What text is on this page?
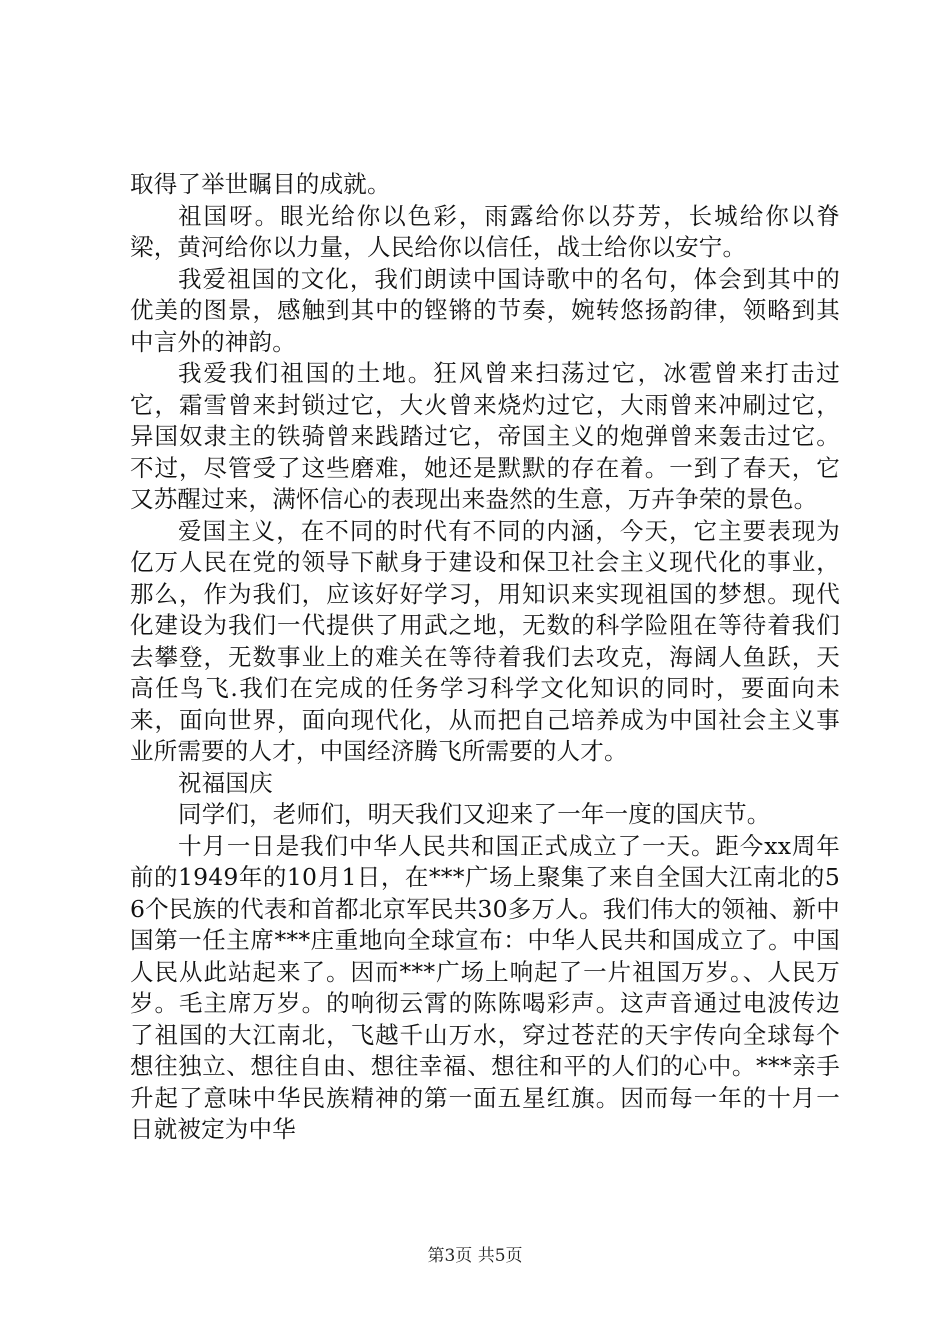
取得了举世瞩目的成就。

祖国呀。眼光给你以色彩，雨露给你以芬芳，长城给你以脊梁，黄河给你以力量，人民给你以信任，战士给你以安宁。

我爱祖国的文化，我们朗读中国诗歌中的名句，体会到其中的优美的图景，感触到其中的铿锵的节奏，婉转悠扬韵律，领略到其中言外的神韵。

我爱我们祖国的土地。狂风曾来扫荡过它，冰雹曾来打击过它，霜雪曾来封锁过它，大火曾来烧灼过它，大雨曾来冲刷过它，异国奴隶主的铁骑曾来践踏过它，帝国主义的炮弹曾来轰击过它。不过，尽管受了这些磨难，她还是默默的存在着。一到了春天，它又苏醒过来，满怀信心的表现出来盎然的生意，万卉争荣的景色。

爱国主义，在不同的时代有不同的内涵，今天，它主要表现为亿万人民在党的领导下献身于建设和保卫社会主义现代化的事业，那么，作为我们，应该好好学习，用知识来实现祖国的梦想。现代化建设为我们一代提供了用武之地，无数的科学险阻在等待着我们去攀登，无数事业上的难关在等待着我们去攻克，海阔人鱼跃，天高任鸟飞.我们在完成的任务学习科学文化知识的同时，要面向未来，面向世界，面向现代化，从而把自己培养成为中国社会主义事业所需要的人才，中国经济腾飞所需要的人才。

祝福国庆

同学们，老师们，明天我们又迎来了一年一度的国庆节。

十月一日是我们中华人民共和国正式成立了一天。距今xx周年前的1949年的10月1日，在***广场上聚集了来自全国大江南北的56个民族的代表和首都北京军民共30多万人。我们伟大的领袖、新中国第一任主席***庄重地向全球宣布：中华人民共和国成立了。中国人民从此站起来了。因而***广场上响起了一片祖国万岁。、人民万岁。毛主席万岁。的响彻云霄的陈陈喝彩声。这声音通过电波传边了祖国的大江南北，飞越千山万水，穿过苍茫的天宇传向全球每个想往独立、想往自由、想往幸福、想往和平的人们的心中。***亲手升起了意味中华民族精神的第一面五星红旗。因而每一年的十月一日就被定为中华

第3页 共5页
